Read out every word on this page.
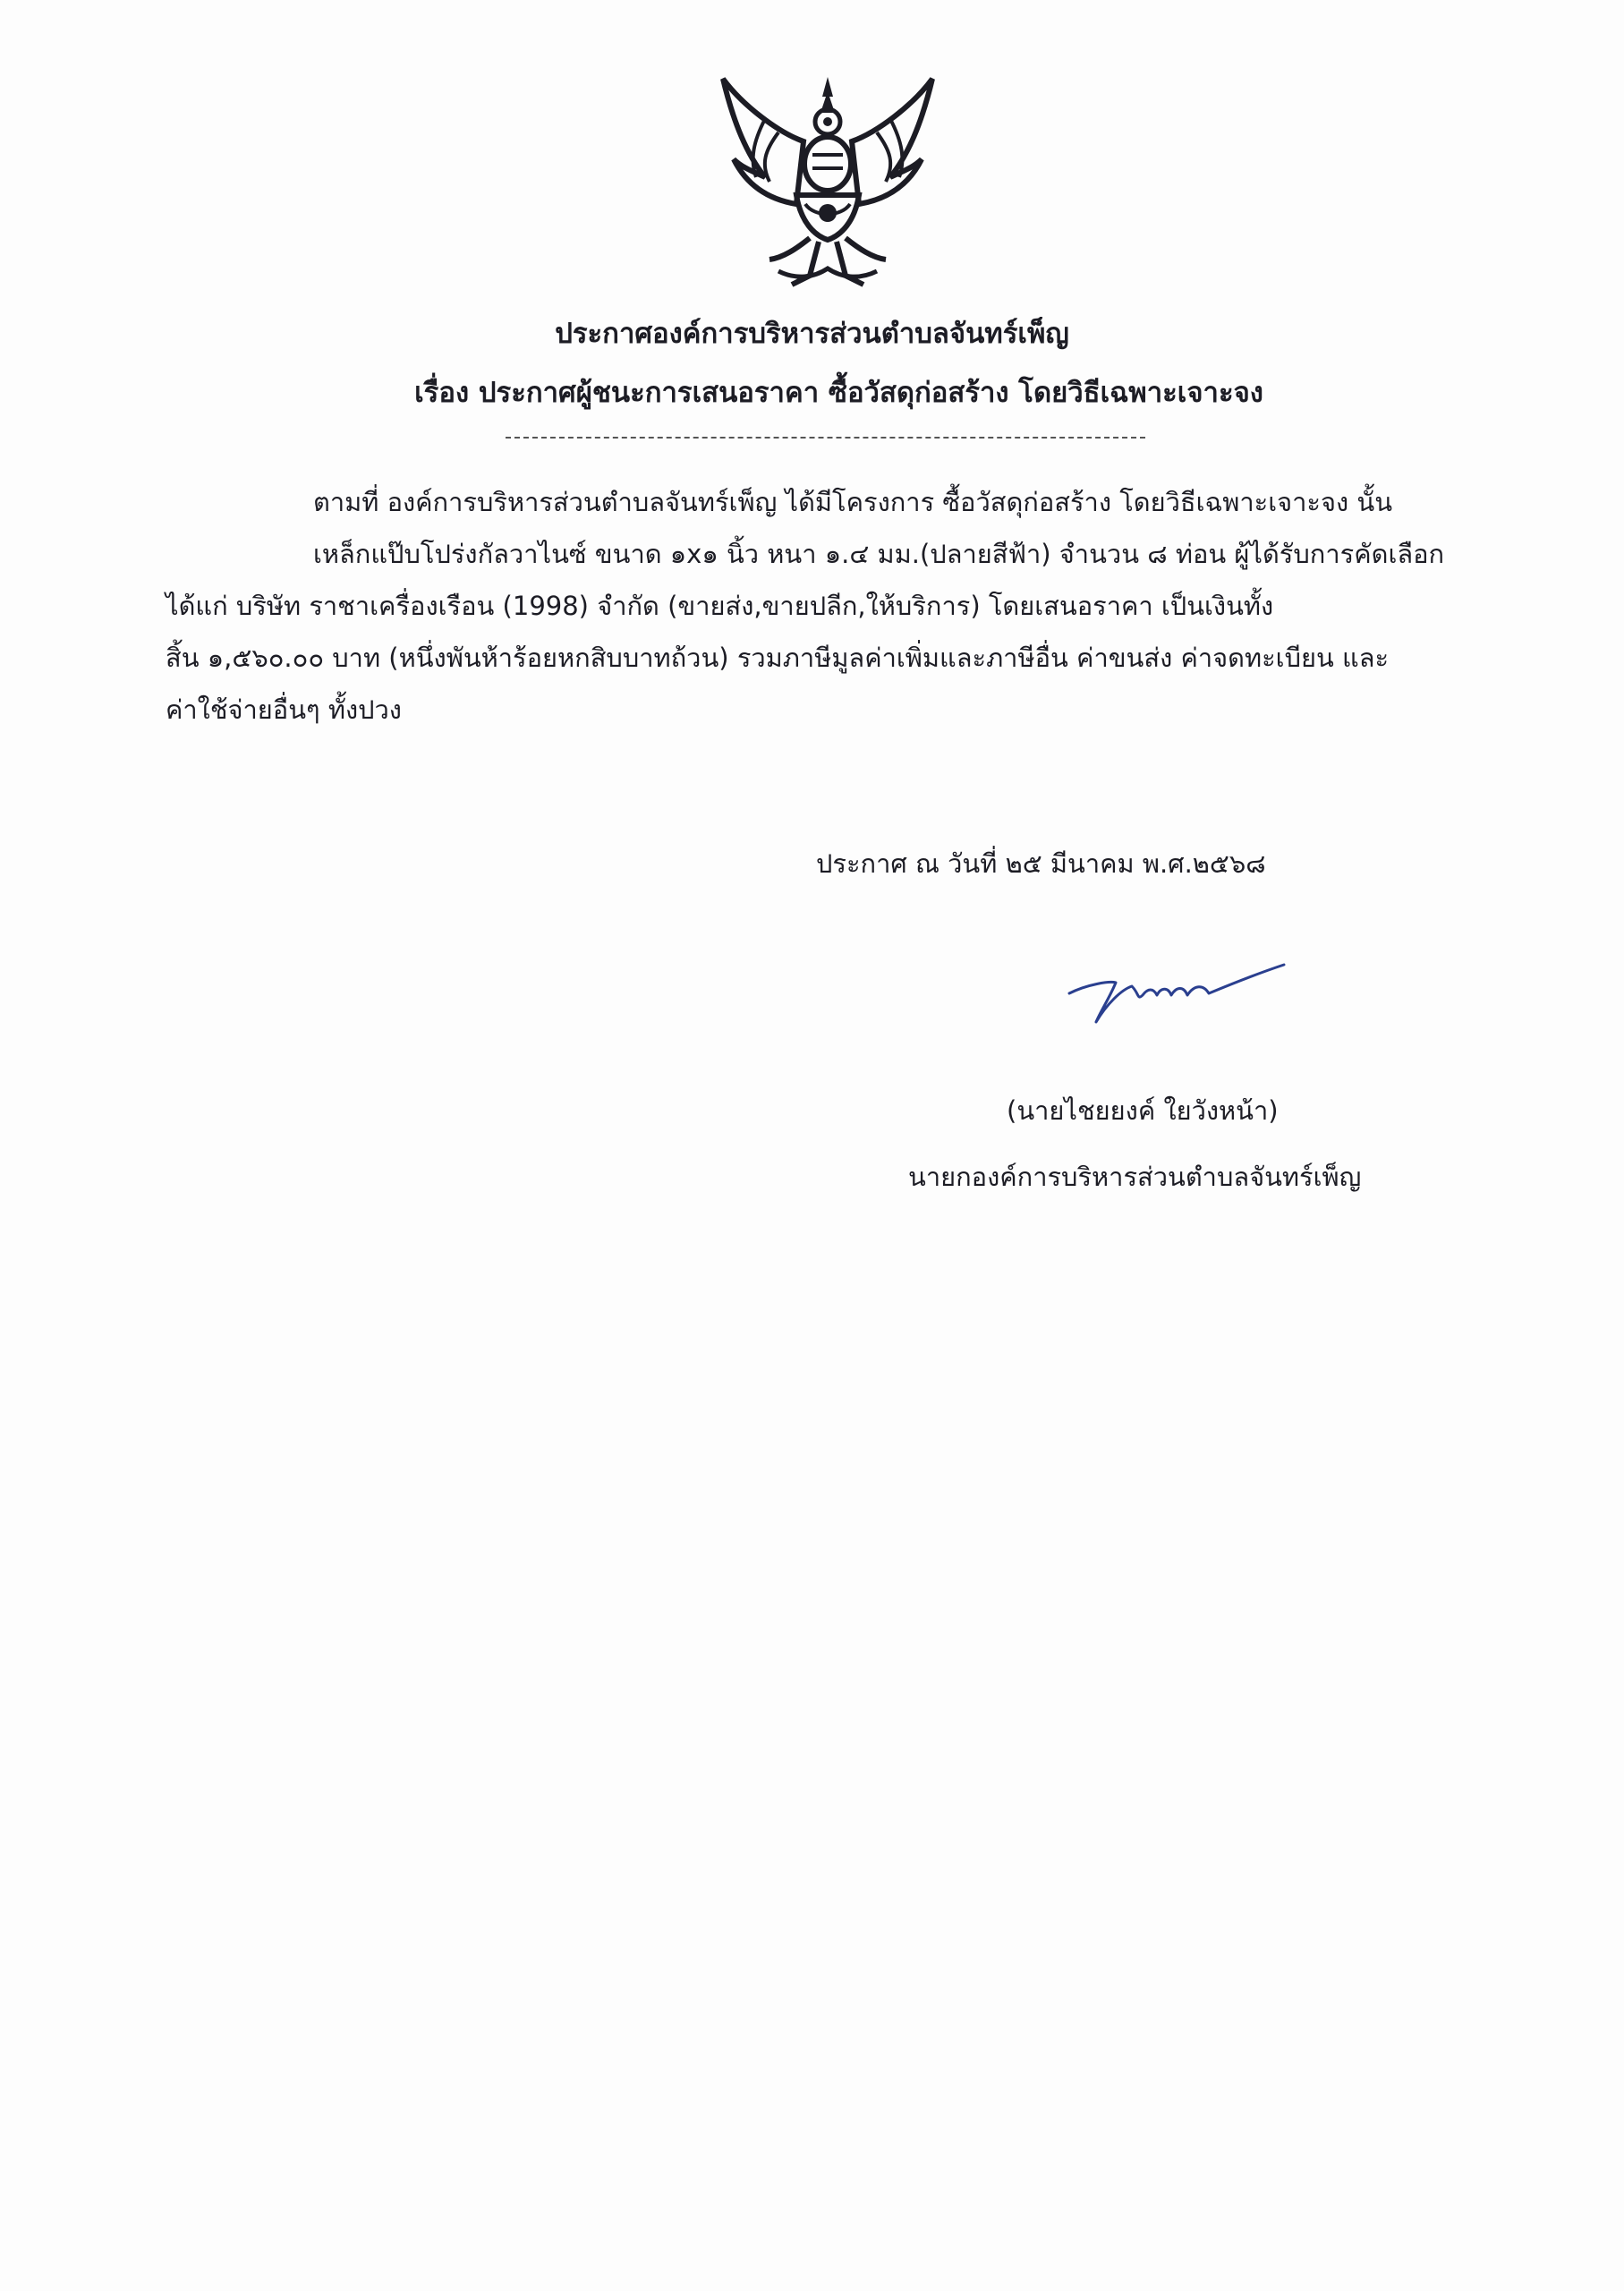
ประกาศองค์การบริหารส่วนตำบลจันทร์เพ็ญ
เรื่อง ประกาศผู้ชนะการเสนอราคา ซื้อวัสดุก่อสร้าง โดยวิธีเฉพาะเจาะจง
ตามที่ องค์การบริหารส่วนตำบลจันทร์เพ็ญ ได้มีโครงการ ซื้อวัสดุก่อสร้าง โดยวิธีเฉพาะเจาะจง นั้น
เหล็กแป๊บโปร่งกัลวาไนซ์ ขนาด ๑x๑ นิ้ว หนา ๑.๔ มม.(ปลายสีฟ้า) จำนวน ๘ ท่อน ผู้ได้รับการคัดเลือก
ได้แก่ บริษัท ราชาเครื่องเรือน (1998) จำกัด (ขายส่ง,ขายปลีก,ให้บริการ) โดยเสนอราคา เป็นเงินทั้ง
สิ้น ๑,๕๖๐.๐๐ บาท (หนึ่งพันห้าร้อยหกสิบบาทถ้วน) รวมภาษีมูลค่าเพิ่มและภาษีอื่น ค่าขนส่ง ค่าจดทะเบียน และ
ค่าใช้จ่ายอื่นๆ ทั้งปวง
ประกาศ ณ วันที่ ๒๕ มีนาคม พ.ศ.๒๕๖๘
(นายไชยยงค์ ใยวังหน้า)
นายกองค์การบริหารส่วนตำบลจันทร์เพ็ญ
